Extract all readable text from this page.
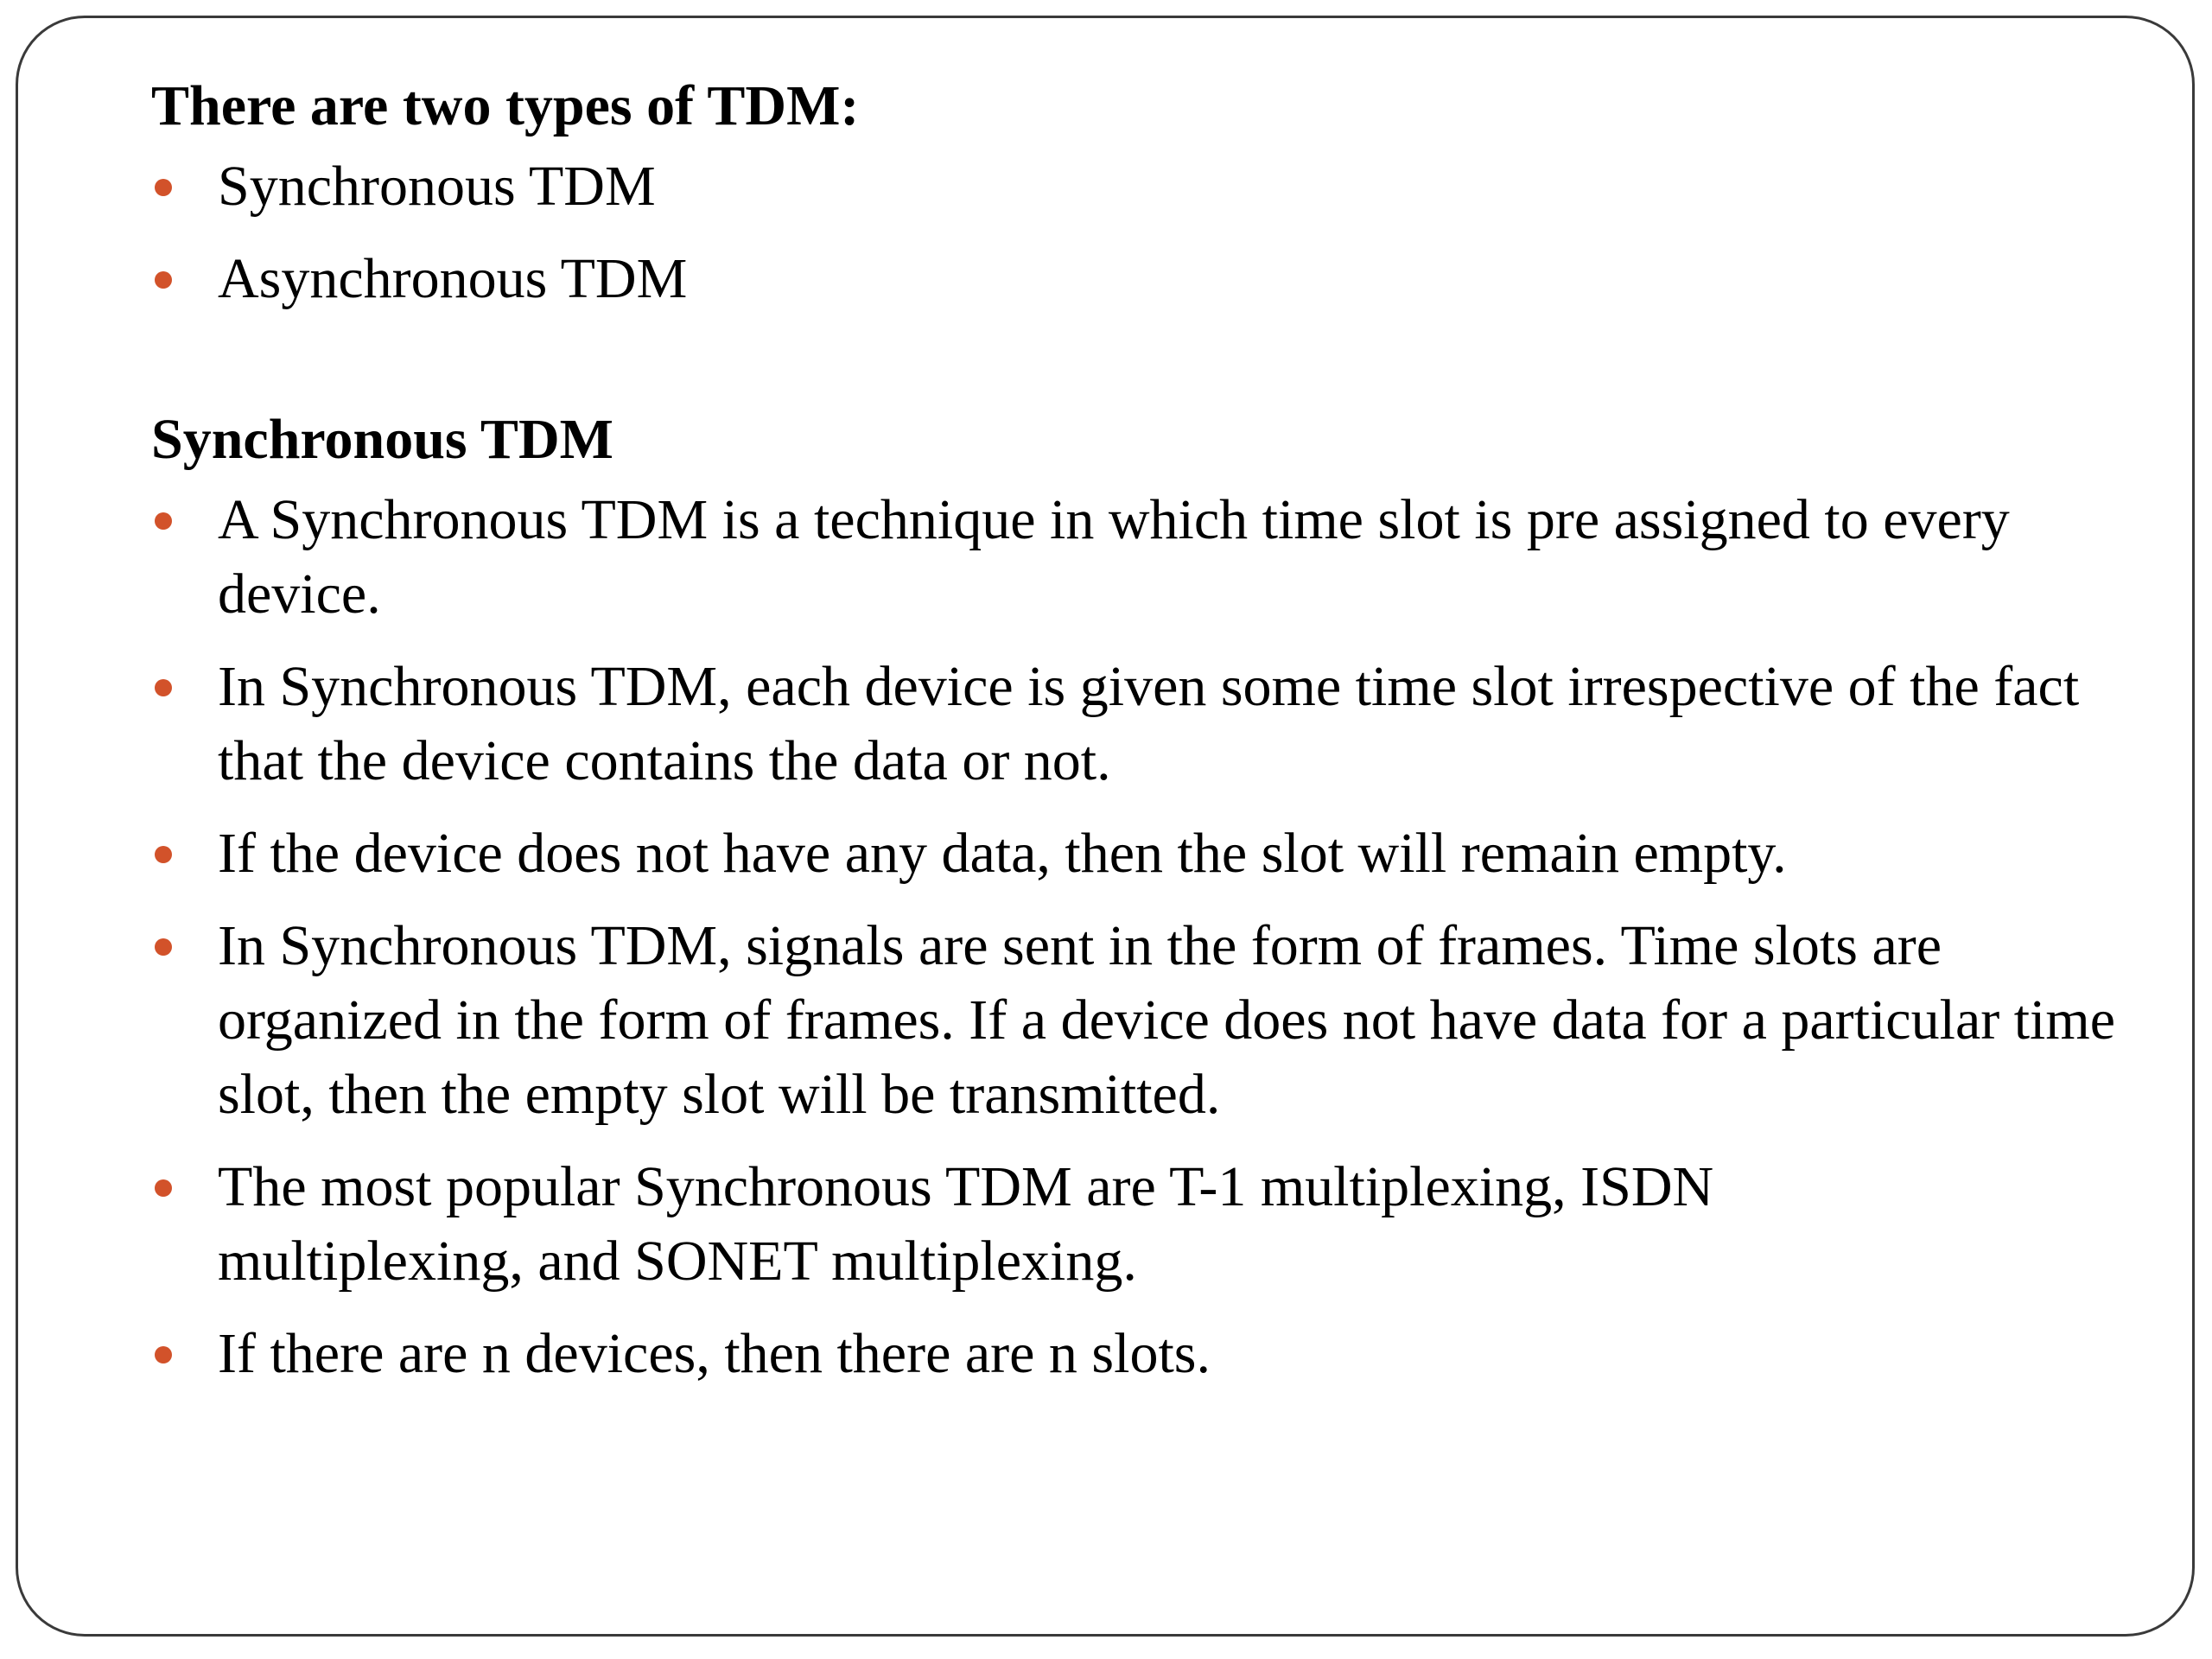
There are two types of TDM:

Synchronous TDM
Asynchronous TDM

Synchronous TDM

A Synchronous TDM is a technique in which time slot is pre assigned to every device.
In Synchronous TDM, each device is given some time slot irrespective of the fact that the device contains the data or not.
If the device does not have any data, then the slot will remain empty.
In Synchronous TDM, signals are sent in the form of frames. Time slots are organized in the form of frames. If a device does not have data for a particular time slot, then the empty slot will be transmitted.
The most popular Synchronous TDM are T-1 multiplexing, ISDN multiplexing, and SONET multiplexing.
If there are n devices, then there are n slots.
